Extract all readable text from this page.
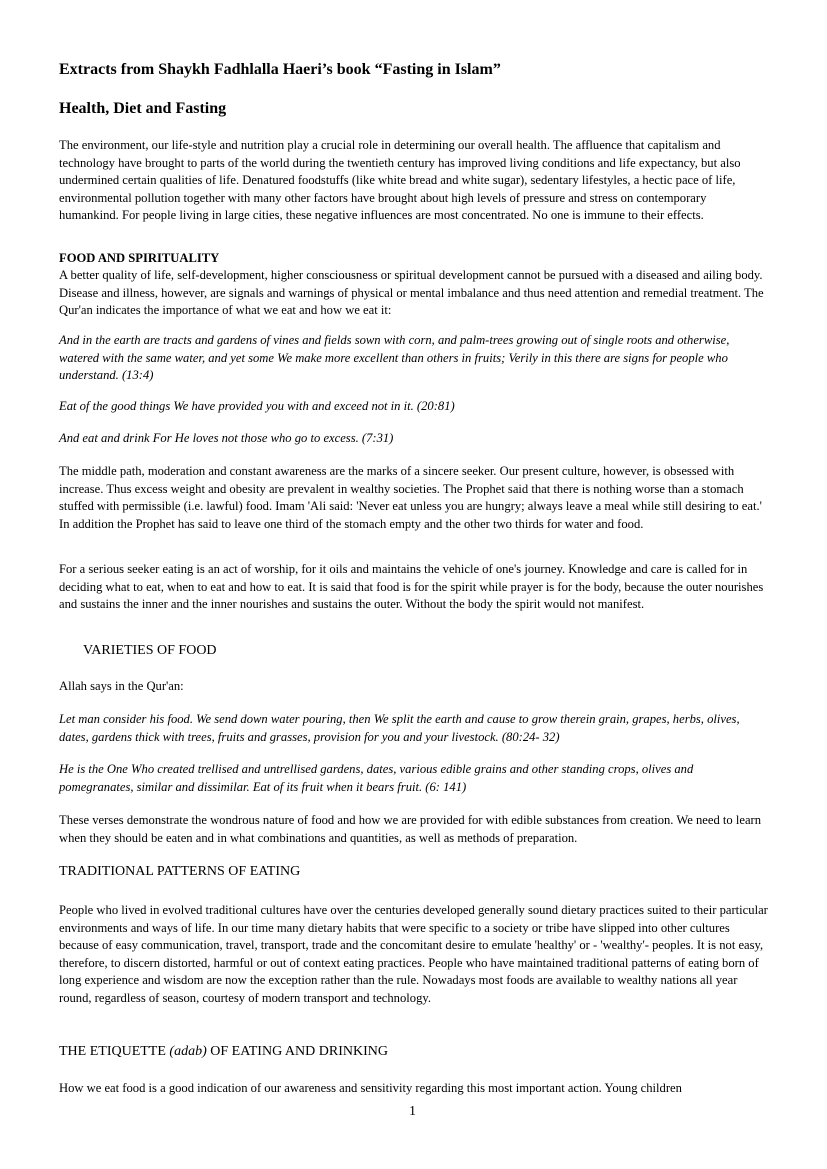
Extracts from Shaykh Fadhlalla Haeri’s book “Fasting in Islam”
Health, Diet and Fasting

The environment, our life-style and nutrition play a crucial role in determining our overall health. The affluence that capitalism and technology have brought to parts of the world during the twentieth century has improved living conditions and life expectancy, but also undermined certain qualities of life. Denatured foodstuffs (like white bread and white sugar), sedentary lifestyles, a hectic pace of life, environmental pollution together with many other factors have brought about high levels of pressure and stress on contemporary humankind. For people living in large cities, these negative influences are most concentrated. No one is immune to their effects.

FOOD AND SPIRITUALITY

A better quality of life, self-development, higher consciousness or spiritual development cannot be pursued with a diseased and ailing body. Disease and illness, however, are signals and warnings of physical or mental imbalance and thus need attention and remedial treatment. The Qur'an indicates the importance of what we eat and how we eat it:

And in the earth are tracts and gardens of vines and fields sown with corn, and palm-trees growing out of single roots and otherwise, watered with the same water, and yet some We make more excellent than others in fruits; Verily in this there are signs for people who understand. (13:4)

Eat of the good things We have provided you with and exceed not in it. (20:81)

And eat and drink For He loves not those who go to excess. (7:31)

The middle path, moderation and constant awareness are the marks of a sincere seeker. Our present culture, however, is obsessed with increase. Thus excess weight and obesity are prevalent in wealthy societies. The Prophet said that there is nothing worse than a stomach stuffed with permissible (i.e. lawful) food. Imam 'Ali said: 'Never eat unless you are hungry; always leave a meal while still desiring to eat.' In addition the Prophet has said to leave one third of the stomach empty and the other two thirds for water and food.

For a serious seeker eating is an act of worship, for it oils and maintains the vehicle of one's journey. Knowledge and care is called for in deciding what to eat, when to eat and how to eat. It is said that food is for the spirit while prayer is for the body, because the outer nourishes and sustains the inner and the inner nourishes and sustains the outer. Without the body the spirit would not manifest.

VARIETIES OF FOOD

Allah says in the Qur'an:

Let man consider his food. We send down water pouring, then We split the earth and cause to grow therein grain, grapes, herbs, olives, dates, gardens thick with trees, fruits and grasses, provision for you and your livestock. (80:24- 32)

He is the One Who created trellised and untrellised gardens, dates, various edible grains and other standing crops, olives and pomegranates, similar and dissimilar. Eat of its fruit when it bears fruit. (6: 141)

These verses demonstrate the wondrous nature of food and how we are provided for with edible substances from creation. We need to learn when they should be eaten and in what combinations and quantities, as well as methods of preparation.

TRADITIONAL PATTERNS OF EATING

People who lived in evolved traditional cultures have over the centuries developed generally sound dietary practices suited to their particular environments and ways of life. In our time many dietary habits that were specific to a society or tribe have slipped into other cultures because of easy communication, travel, transport, trade and the concomitant desire to emulate 'healthy' or - 'wealthy'- peoples. It is not easy, therefore, to discern distorted, harmful or out of context eating practices. People who have maintained traditional patterns of eating born of long experience and wisdom are now the exception rather than the rule. Nowadays most foods are available to wealthy nations all year round, regardless of season, courtesy of modern transport and technology.

THE ETIQUETTE (adab) OF EATING AND DRINKING

How we eat food is a good indication of our awareness and sensitivity regarding this most important action. Young children

1
